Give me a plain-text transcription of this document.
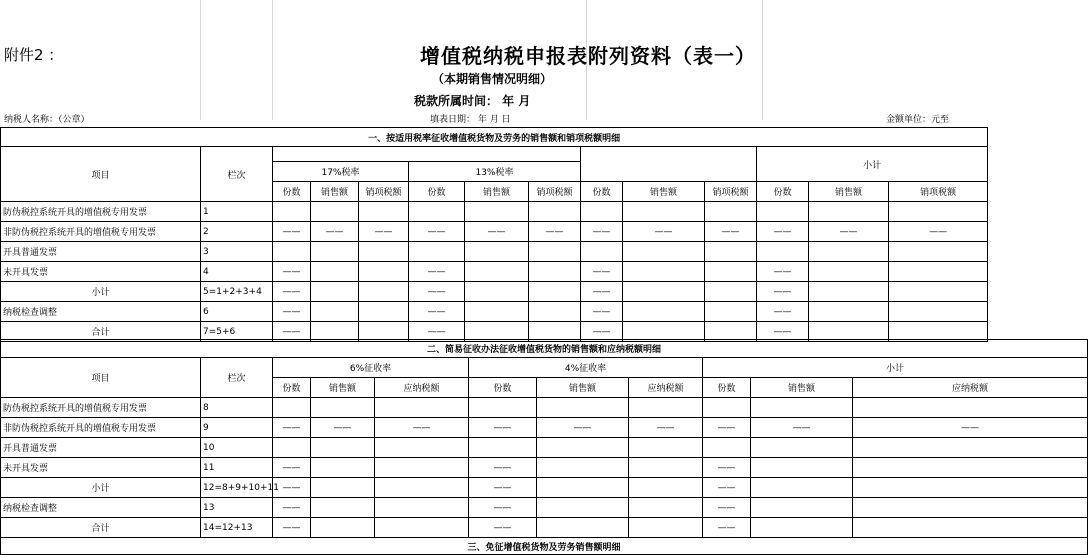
附件2 ：	增值税纳税申报表附列资料（表一）
（本期销售情况明细）
税款所属时间： 年 月
纳税人名称：（公章）	填表日期： 年 月 日	金额单位：元至
一、按适用税率征收增值税货物及劳务的销售额和销项税额明细													
项目	栏次										小计		
		17%税率			13%税率								
		份数	销售额	销项税额	份数	销售额	销项税额	份数	销售额	销项税额	份数	销售额	销项税额
防伪税控系统开具的增值税专用发票	1												
非防伪税控系统开具的增值税专用发票	2	——	——	——	——	——	——	——	——	——	——	——	——
开具普通发票	3												
未开具发票	4	——			——			——			——		
小计	5=1+2+3+4	——			——			——			——		
纳税检查调整	6	——			——			——			——		
合计	7=5+6	——			——			——			——		
二、简易征收办法征收增值税货物的销售额和应纳税额明细										
项目	栏次	6%征收率			4%征收率			小计		
		份数	销售额	应纳税额	份数	销售额	应纳税额	份数	销售额	应纳税额
防伪税控系统开具的增值税专用发票	8									
非防伪税控系统开具的增值税专用发票	9	——	——	——	——	——	——	——	——	——
开具普通发票	10									
未开具发票	11	——			——			——		
小计	12=8+9+10+11	——			——			——		
纳税检查调整	13	——			——			——		
合计	14=12+13	——			——			——		
三、免征增值税货物及劳务销售额明细										
